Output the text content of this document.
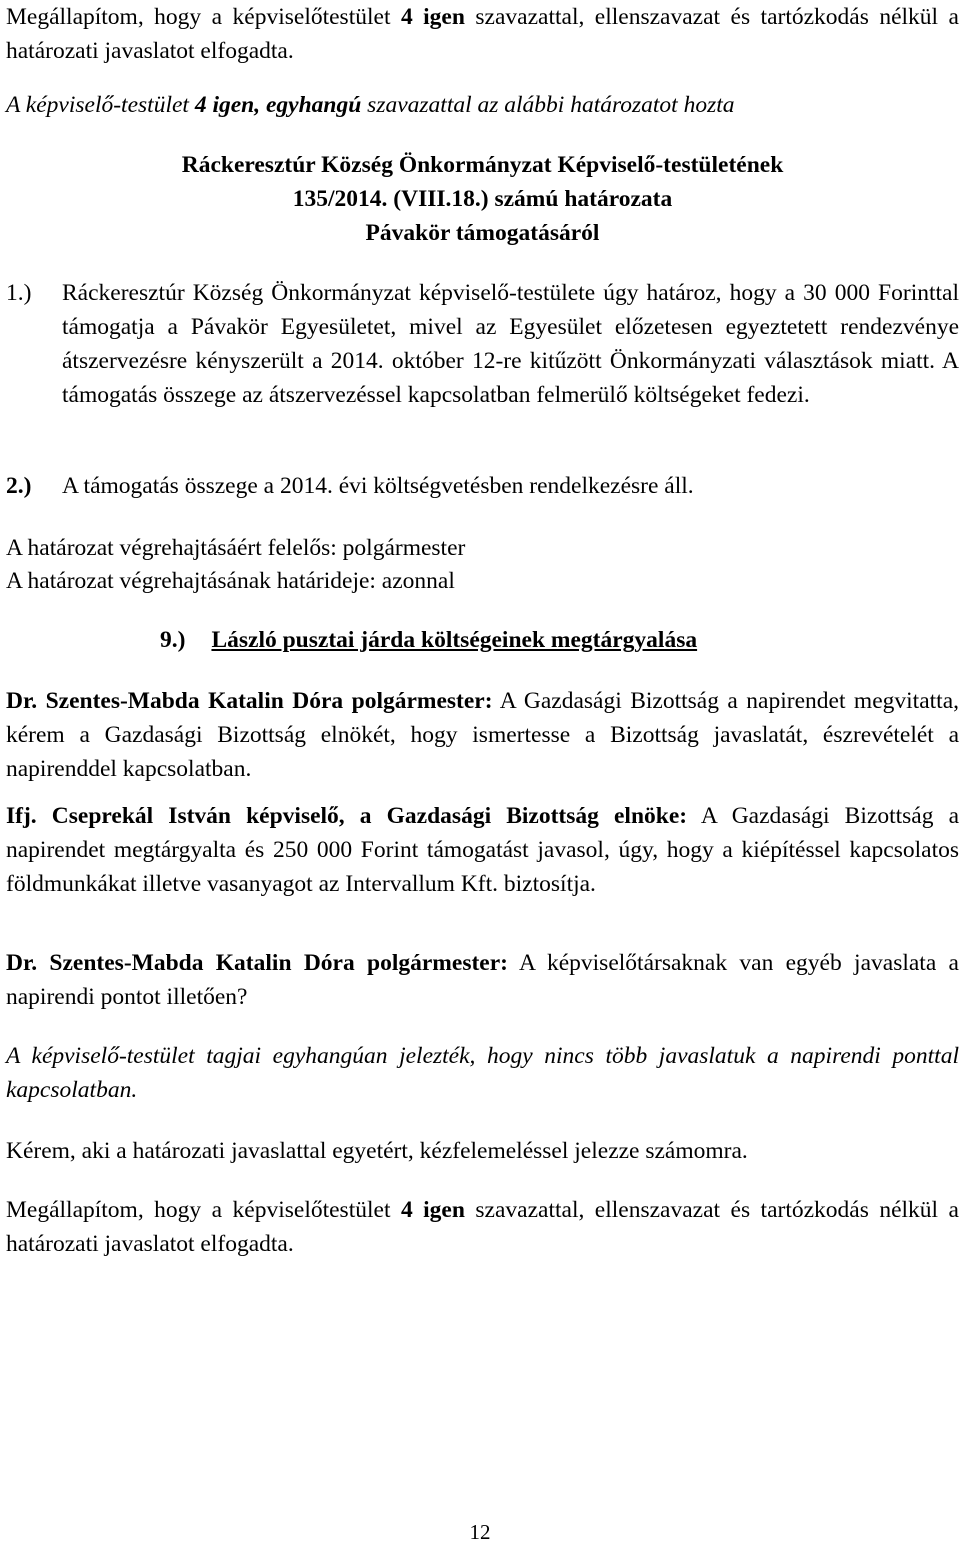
Megállapítom, hogy a képviselőtestület 4 igen szavazattal, ellenszavazat és tartózkodás nélkül a határozati javaslatot elfogadta.

A képviselő-testület 4 igen, egyhangú szavazattal az alábbi határozatot hozta

Ráckeresztúr Község Önkormányzat Képviselő-testületének

135/2014. (VIII.18.) számú határozata

Pávakör támogatásáról

1.)	Ráckeresztúr Község Önkormányzat képviselő-testülete úgy határoz, hogy a 30 000 Forinttal támogatja a Pávakör Egyesületet, mivel az Egyesület előzetesen egyeztetett rendezvénye átszervezésre kényszerült a 2014. október 12-re kitűzött Önkormányzati választások miatt. A támogatás összege az átszervezéssel kapcsolatban felmerülő költségeket fedezi.
2.)	A támogatás összege a 2014. évi költségvetésben rendelkezésre áll.

A határozat végrehajtásáért felelős: polgármester

A határozat végrehajtásának határideje: azonnal

9.) László pusztai járda költségeinek megtárgyalása

Dr. Szentes-Mabda Katalin Dóra polgármester: A Gazdasági Bizottság a napirendet megvitatta, kérem a Gazdasági Bizottság elnökét, hogy ismertesse a Bizottság javaslatát, észrevételét a napirenddel kapcsolatban.

Ifj. Cseprekál István képviselő, a Gazdasági Bizottság elnöke: A Gazdasági Bizottság a napirendet megtárgyalta és 250 000 Forint támogatást javasol, úgy, hogy a kiépítéssel kapcsolatos földmunkákat illetve vasanyagot az Intervallum Kft. biztosítja.

Dr. Szentes-Mabda Katalin Dóra polgármester: A képviselőtársaknak van egyéb javaslata a napirendi pontot illetően?

A képviselő-testület tagjai egyhangúan jelezték, hogy nincs több javaslatuk a napirendi ponttal kapcsolatban.

Kérem, aki a határozati javaslattal egyetért, kézfelemeléssel jelezze számomra.

Megállapítom, hogy a képviselőtestület 4 igen szavazattal, ellenszavazat és tartózkodás nélkül a határozati javaslatot elfogadta.

12
